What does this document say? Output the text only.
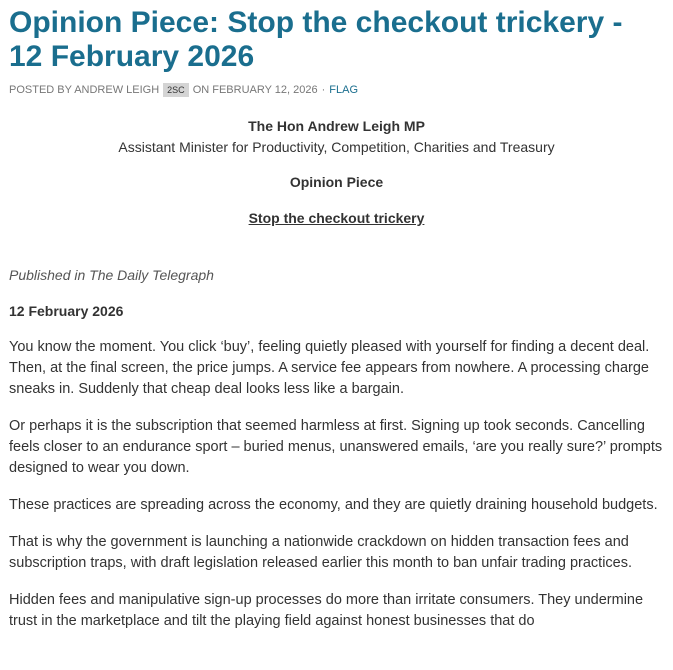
Opinion Piece: Stop the checkout trickery - 12 February 2026
POSTED BY ANDREW LEIGH 2SC ON FEBRUARY 12, 2026 · FLAG
The Hon Andrew Leigh MP
Assistant Minister for Productivity, Competition, Charities and Treasury
Opinion Piece
Stop the checkout trickery
Published in The Daily Telegraph
12 February 2026

You know the moment. You click ‘buy’, feeling quietly pleased with yourself for finding a decent deal. Then, at the final screen, the price jumps. A service fee appears from nowhere. A processing charge sneaks in. Suddenly that cheap deal looks less like a bargain.

Or perhaps it is the subscription that seemed harmless at first. Signing up took seconds. Cancelling feels closer to an endurance sport – buried menus, unanswered emails, ‘are you really sure?’ prompts designed to wear you down.

These practices are spreading across the economy, and they are quietly draining household budgets.

That is why the government is launching a nationwide crackdown on hidden transaction fees and subscription traps, with draft legislation released earlier this month to ban unfair trading practices.

Hidden fees and manipulative sign-up processes do more than irritate consumers. They undermine trust in the marketplace and tilt the playing field against honest businesses that do
